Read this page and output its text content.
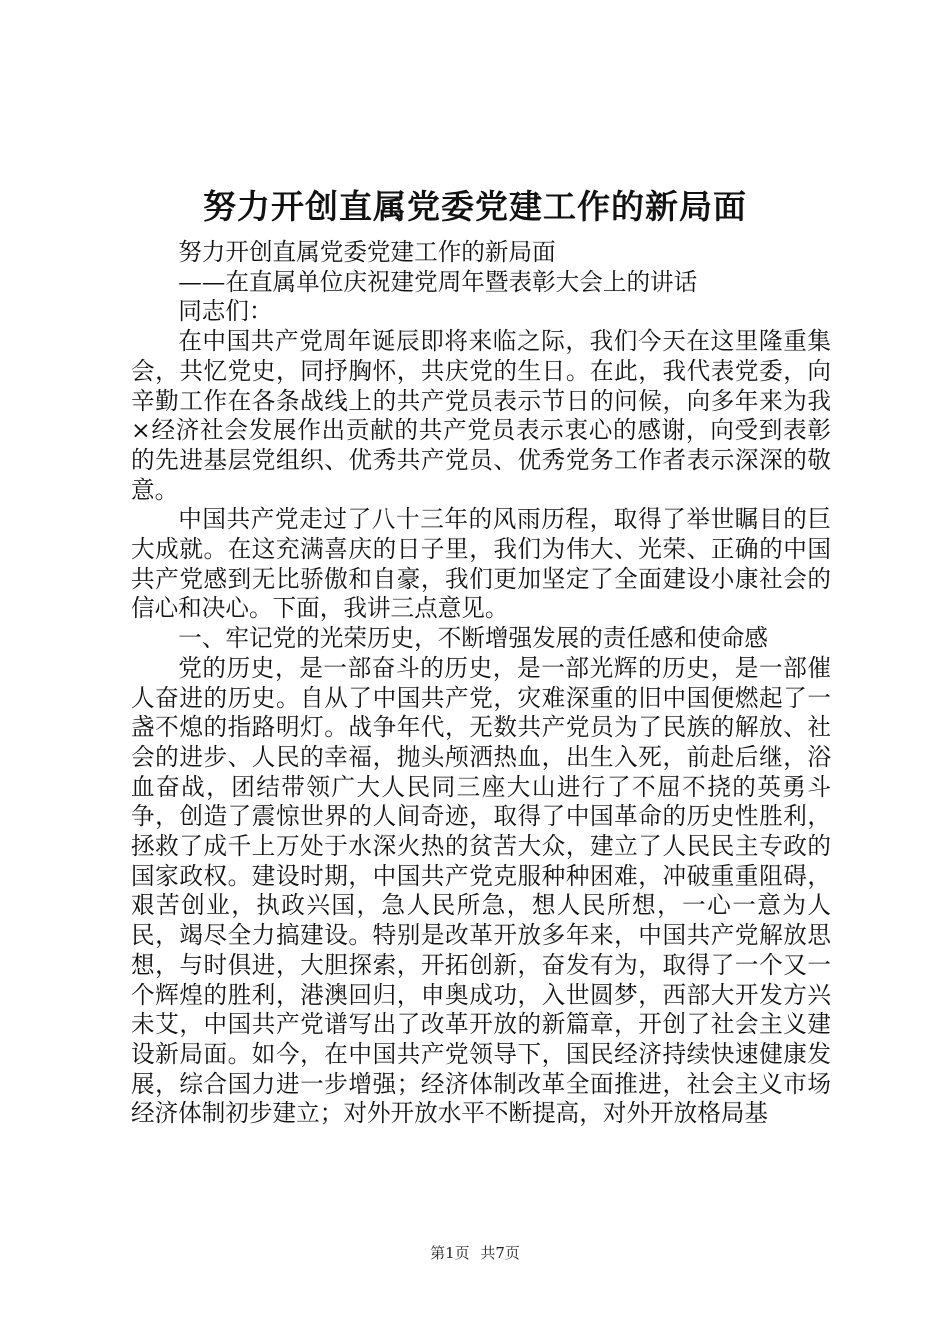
努力开创直属党委党建工作的新局面

努力开创直属党委党建工作的新局面

——在直属单位庆祝建党周年暨表彰大会上的讲话

同志们：

在中国共产党周年诞辰即将来临之际，我们今天在这里隆重集会，共忆党史，同抒胸怀，共庆党的生日。在此，我代表党委，向辛勤工作在各条战线上的共产党员表示节日的问候，向多年来为我×经济社会发展作出贡献的共产党员表示衷心的感谢，向受到表彰的先进基层党组织、优秀共产党员、优秀党务工作者表示深深的敬意。

中国共产党走过了八十三年的风雨历程，取得了举世瞩目的巨大成就。在这充满喜庆的日子里，我们为伟大、光荣、正确的中国共产党感到无比骄傲和自豪，我们更加坚定了全面建设小康社会的信心和决心。下面，我讲三点意见。

一、牢记党的光荣历史，不断增强发展的责任感和使命感

党的历史，是一部奋斗的历史，是一部光辉的历史，是一部催人奋进的历史。自从了中国共产党，灾难深重的旧中国便燃起了一盏不熄的指路明灯。战争年代，无数共产党员为了民族的解放、社会的进步、人民的幸福，抛头颅洒热血，出生入死，前赴后继，浴血奋战，团结带领广大人民同三座大山进行了不屈不挠的英勇斗争，创造了震惊世界的人间奇迹，取得了中国革命的历史性胜利，拯救了成千上万处于水深火热的贫苦大众，建立了人民民主专政的国家政权。建设时期，中国共产党克服种种困难，冲破重重阻碍，艰苦创业，执政兴国，急人民所急，想人民所想，一心一意为人民，竭尽全力搞建设。特别是改革开放多年来，中国共产党解放思想，与时俱进，大胆探索，开拓创新，奋发有为，取得了一个又一个辉煌的胜利，港澳回归，申奥成功，入世圆梦，西部大开发方兴未艾，中国共产党谱写出了改革开放的新篇章，开创了社会主义建设新局面。如今，在中国共产党领导下，国民经济持续快速健康发展，综合国力进一步增强；经济体制改革全面推进，社会主义市场经济体制初步建立；对外开放水平不断提高，对外开放格局基

第1页 共7页
